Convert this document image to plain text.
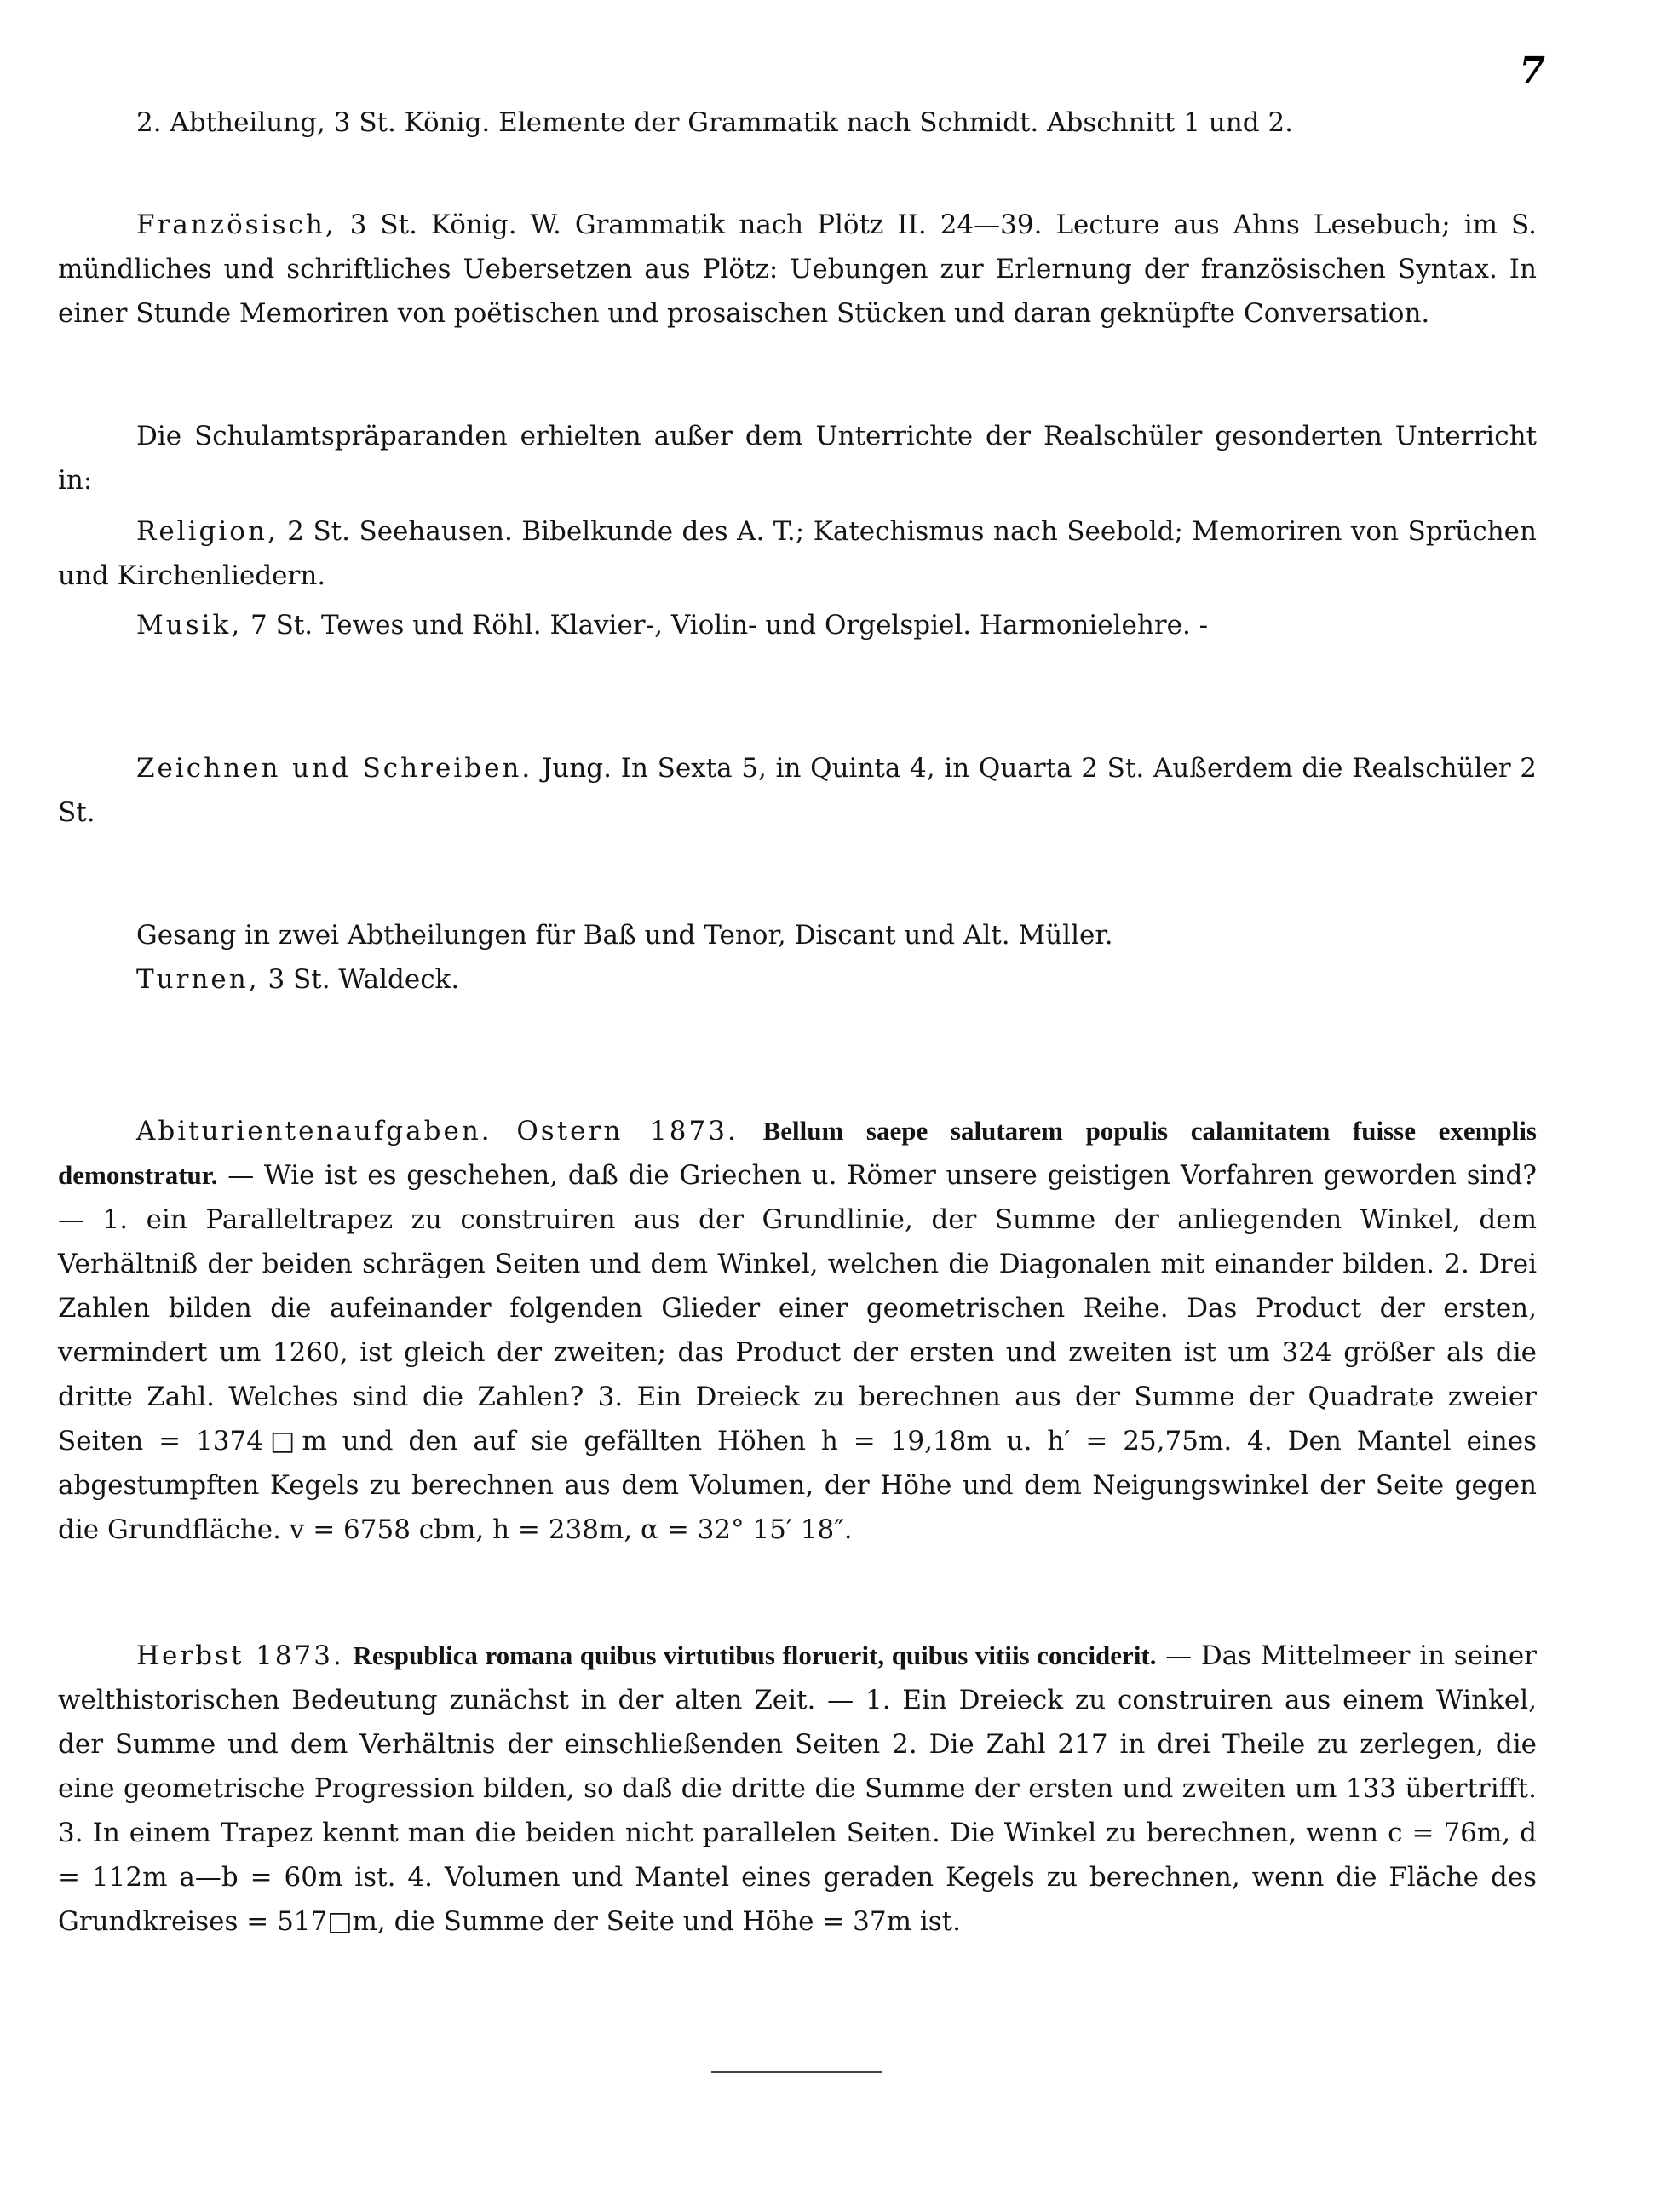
7

2. Abtheilung, 3 St. König. Elemente der Grammatik nach Schmidt. Abschnitt 1 und 2.

Französisch, 3 St. König. W. Grammatik nach Plötz II. 24—39. Lecture aus Ahns Lesebuch; im S. mündliches und schriftliches Uebersetzen aus Plötz: Uebungen zur Erlernung der französischen Syntax. In einer Stunde Memoriren von poëtischen und prosaischen Stücken und daran geknüpfte Conversation.

Die Schulamtspräparanden erhielten außer dem Unterrichte der Realschüler gesonderten Unterricht in:

Religion, 2 St. Seehausen. Bibelkunde des A. T.; Katechismus nach Seebold; Memoriren von Sprüchen und Kirchenliedern.

Musik, 7 St. Tewes und Röhl. Klavier-, Violin- und Orgelspiel. Harmonielehre. -

Zeichnen und Schreiben. Jung. In Sexta 5, in Quinta 4, in Quarta 2 St. Außerdem die Realschüler 2 St.

Gesang in zwei Abtheilungen für Baß und Tenor, Discant und Alt. Müller.

Turnen, 3 St. Waldeck.

Abiturientenaufgaben. Ostern 1873. Bellum saepe salutarem populis calamitatem fuisse exemplis demonstratur. — Wie ist es geschehen, daß die Griechen u. Römer unsere geistigen Vorfahren geworden sind? — 1. ein Paralleltrapez zu construiren aus der Grundlinie, der Summe der anliegenden Winkel, dem Verhältniß der beiden schrägen Seiten und dem Winkel, welchen die Diagonalen mit einander bilden. 2. Drei Zahlen bilden die aufeinander folgenden Glieder einer geometrischen Reihe. Das Product der ersten, vermindert um 1260, ist gleich der zweiten; das Product der ersten und zweiten ist um 324 größer als die dritte Zahl. Welches sind die Zahlen? 3. Ein Dreieck zu berechnen aus der Summe der Quadrate zweier Seiten = 1374□m und den auf sie gefällten Höhen h = 19,18m u. h′ = 25,75m. 4. Den Mantel eines abgestumpften Kegels zu berechnen aus dem Volumen, der Höhe und dem Neigungswinkel der Seite gegen die Grundfläche. v = 6758 cbm, h = 238m, α = 32° 15′ 18″.

Herbst 1873. Respublica romana quibus virtutibus floruerit, quibus vitiis conciderit. — Das Mittelmeer in seiner welthistorischen Bedeutung zunächst in der alten Zeit. — 1. Ein Dreieck zu construiren aus einem Winkel, der Summe und dem Verhältnis der einschließenden Seiten 2. Die Zahl 217 in drei Theile zu zerlegen, die eine geometrische Progression bilden, so daß die dritte die Summe der ersten und zweiten um 133 übertrifft. 3. In einem Trapez kennt man die beiden nicht parallelen Seiten. Die Winkel zu berechnen, wenn c = 76m, d = 112m a—b = 60m ist. 4. Volumen und Mantel eines geraden Kegels zu berechnen, wenn die Fläche des Grundkreises = 517□m, die Summe der Seite und Höhe = 37m ist.
